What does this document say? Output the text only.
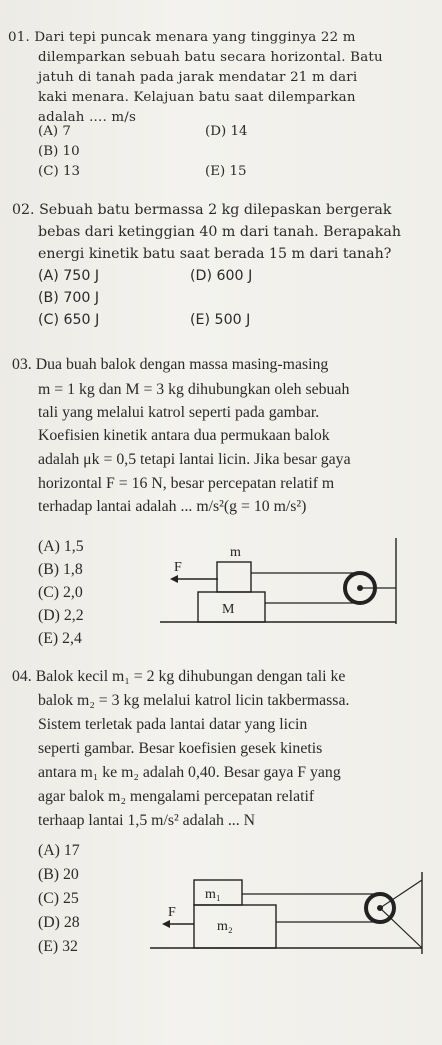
01. Dari tepi puncak menara yang tingginya 22 m
dilemparkan sebuah batu secara horizontal. Batu
jatuh di tanah pada jarak mendatar 21 m dari
kaki menara. Kelajuan batu saat dilemparkan
adalah .... m/s
(A) 7
(B) 10
(C) 13
(D) 14
(E) 15
02. Sebuah batu bermassa 2 kg dilepaskan bergerak
bebas dari ketinggian 40 m dari tanah. Berapakah
energi kinetik batu saat berada 15 m dari tanah?
(A) 750 J
(B) 700 J
(C) 650 J
(D) 600 J
(E) 500 J
03. Dua buah balok dengan massa masing-masing
m = 1 kg dan M = 3 kg dihubungkan oleh sebuah
tali yang melalui katrol seperti pada gambar.
Koefisien kinetik antara dua permukaan balok
adalah μk = 0,5 tetapi lantai licin. Jika besar gaya
horizontal F = 16 N, besar percepatan relatif m
terhadap lantai adalah ... m/s²(g = 10 m/s²)
(A) 1,5
(B) 1,8
(C) 2,0
(D) 2,2
(E) 2,4
m
F
M
04. Balok kecil m₁ = 2 kg dihubungan dengan tali ke
balok m₂ = 3 kg melalui katrol licin takbermassa.
Sistem terletak pada lantai datar yang licin
seperti gambar. Besar koefisien gesek kinetis
antara m₁ ke m₂ adalah 0,40. Besar gaya F yang
agar balok m₂ mengalami percepatan relatif
terhaap lantai 1,5 m/s² adalah ... N
(A) 17
(B) 20
(C) 25
(D) 28
(E) 32
m₁
F
m₂
